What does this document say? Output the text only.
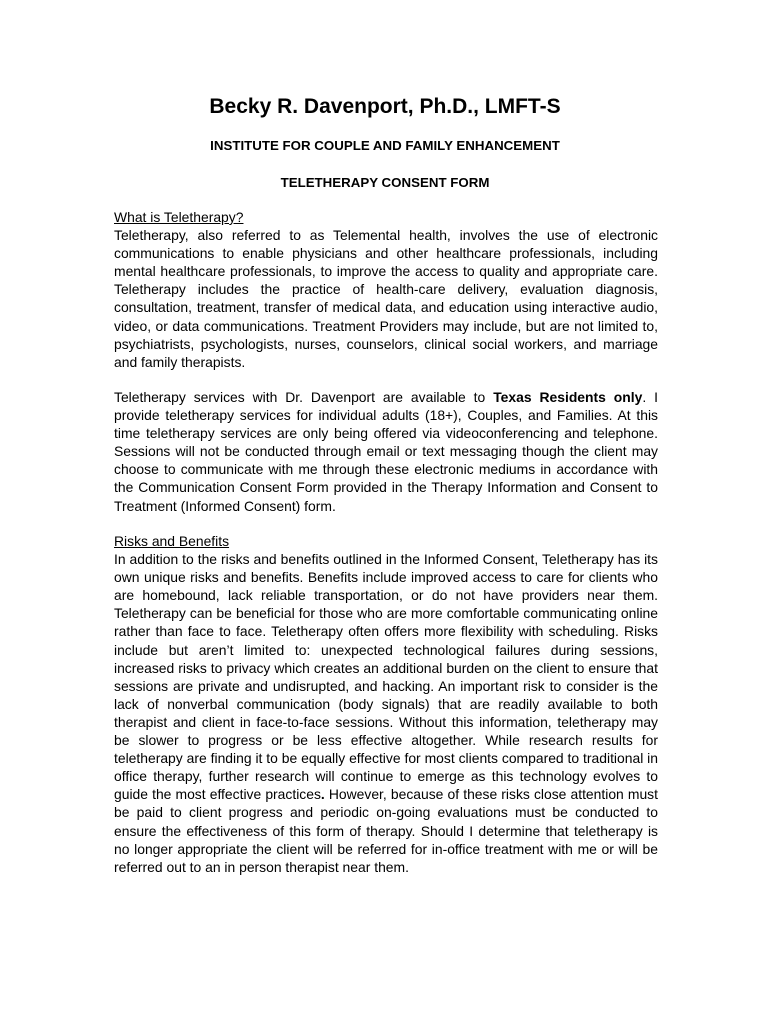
Becky R. Davenport, Ph.D., LMFT-S
INSTITUTE FOR COUPLE AND FAMILY ENHANCEMENT
TELETHERAPY CONSENT FORM
What is Teletherapy?
Teletherapy, also referred to as Telemental health, involves the use of electronic communications to enable physicians and other healthcare professionals, including mental healthcare professionals, to improve the access to quality and appropriate care. Teletherapy includes the practice of health-care delivery, evaluation diagnosis, consultation, treatment, transfer of medical data, and education using interactive audio, video, or data communications. Treatment Providers may include, but are not limited to, psychiatrists, psychologists, nurses, counselors, clinical social workers, and marriage and family therapists.
Teletherapy services with Dr. Davenport are available to Texas Residents only. I provide teletherapy services for individual adults (18+), Couples, and Families. At this time teletherapy services are only being offered via videoconferencing and telephone. Sessions will not be conducted through email or text messaging though the client may choose to communicate with me through these electronic mediums in accordance with the Communication Consent Form provided in the Therapy Information and Consent to Treatment (Informed Consent) form.
Risks and Benefits
In addition to the risks and benefits outlined in the Informed Consent, Teletherapy has its own unique risks and benefits. Benefits include improved access to care for clients who are homebound, lack reliable transportation, or do not have providers near them. Teletherapy can be beneficial for those who are more comfortable communicating online rather than face to face. Teletherapy often offers more flexibility with scheduling. Risks include but aren’t limited to: unexpected technological failures during sessions, increased risks to privacy which creates an additional burden on the client to ensure that sessions are private and undisrupted, and hacking. An important risk to consider is the lack of nonverbal communication (body signals) that are readily available to both therapist and client in face-to-face sessions. Without this information, teletherapy may be slower to progress or be less effective altogether. While research results for teletherapy are finding it to be equally effective for most clients compared to traditional in office therapy, further research will continue to emerge as this technology evolves to guide the most effective practices. However, because of these risks close attention must be paid to client progress and periodic on-going evaluations must be conducted to ensure the effectiveness of this form of therapy. Should I determine that teletherapy is no longer appropriate the client will be referred for in-office treatment with me or will be referred out to an in person therapist near them.
